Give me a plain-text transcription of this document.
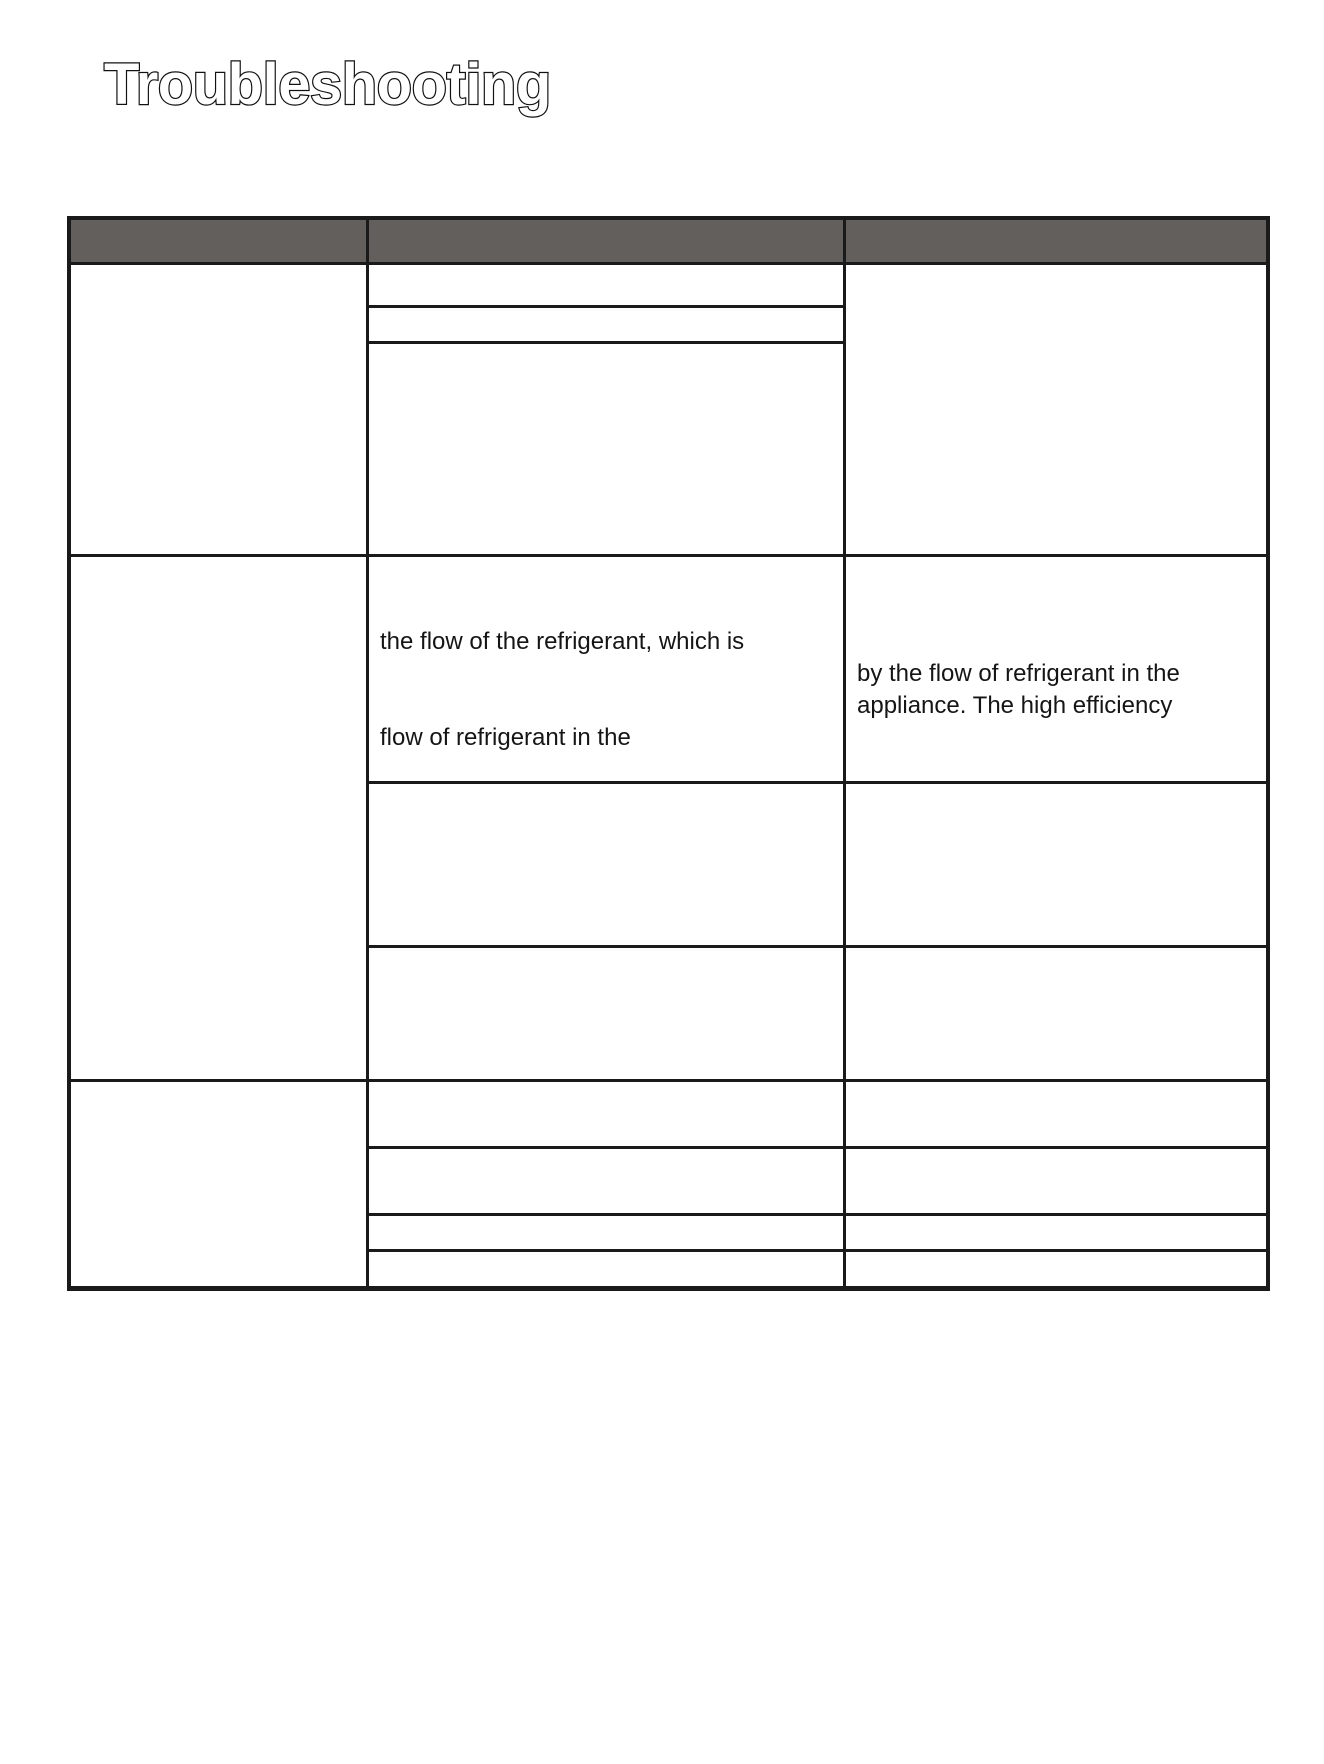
Troubleshooting

the flow of the refrigerant, which is

flow of refrigerant in the

by the flow of refrigerant in the

appliance. The high efficiency
